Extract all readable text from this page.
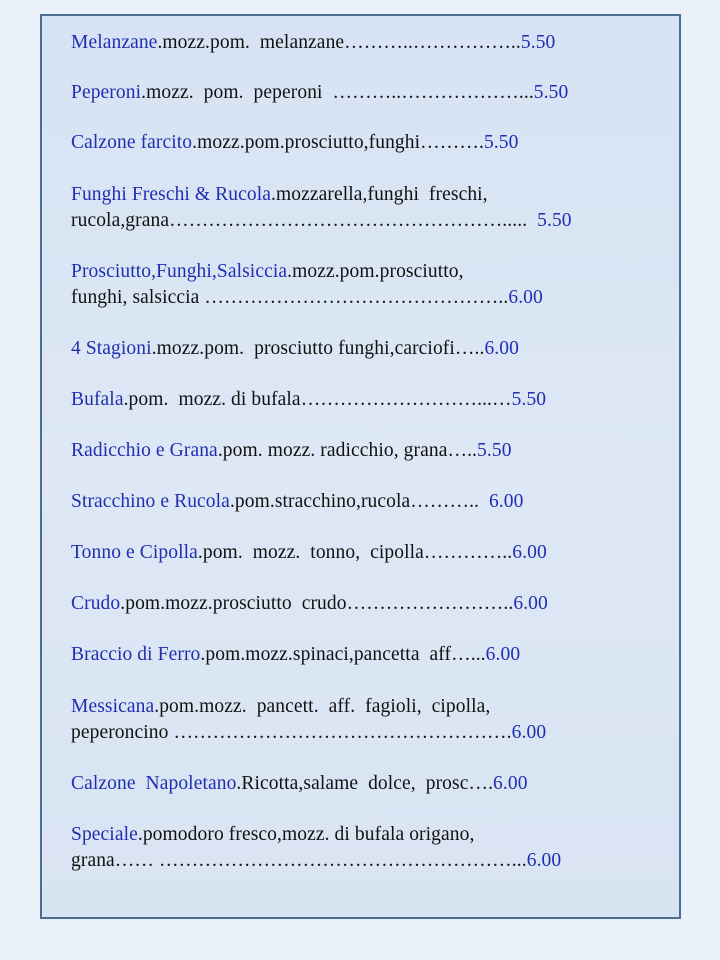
Melanzane.mozz.pom.  melanzane………..……………..5.50
Peperoni.mozz.  pom.  peperoni  ………..………………...5.50
Calzone farcito.mozz.pom.prosciutto,funghi……….5.50
Funghi Freschi & Rucola.mozzarella,funghi  freschi,
rucola,grana…………………………………………….....  5.50
Prosciutto,Funghi,Salsiccia.mozz.pom.prosciutto,
funghi, salsiccia ………………………………………..6.00
4 Stagioni.mozz.pom.  prosciutto funghi,carciofi…..6.00
Bufala.pom.  mozz. di bufala………………………...…5.50
Radicchio e Grana.pom. mozz. radicchio, grana…..5.50
Stracchino e Rucola.pom.stracchino,rucola………..  6.00
Tonno e Cipolla.pom.  mozz.  tonno,  cipolla…………..6.00
Crudo.pom.mozz.prosciutto  crudo……………………..6.00
Braccio di Ferro.pom.mozz.spinaci,pancetta  aff…...6.00
Messicana.pom.mozz.  pancett.  aff.  fagioli,  cipolla,
peperoncino …………………………………………….6.00
Calzone  Napoletano.Ricotta,salame  dolce,  prosc….6.00
Speciale.pomodoro fresco,mozz. di bufala origano,
grana…… ………………………………………………...6.00
